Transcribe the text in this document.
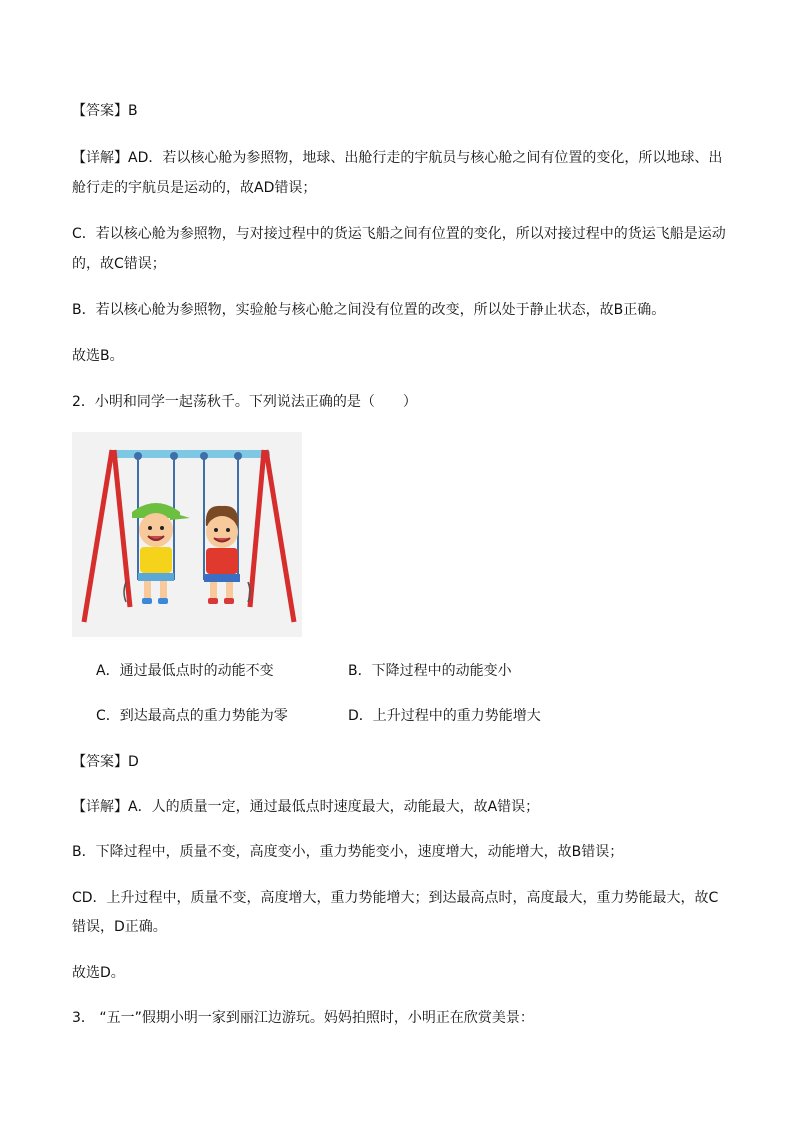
【答案】B
【详解】AD．若以核心舱为参照物，地球、出舱行走的宇航员与核心舱之间有位置的变化，所以地球、出
舱行走的宇航员是运动的，故AD错误；
C．若以核心舱为参照物，与对接过程中的货运飞船之间有位置的变化，所以对接过程中的货运飞船是运动
的，故C错误；
B．若以核心舱为参照物，实验舱与核心舱之间没有位置的改变，所以处于静止状态，故B正确。
故选B。
2．小明和同学一起荡秋千。下列说法正确的是（　　）
A．通过最低点时的动能不变	B．下降过程中的动能变小
C．到达最高点的重力势能为零	D．上升过程中的重力势能增大
【答案】D
【详解】A．人的质量一定，通过最低点时速度最大，动能最大，故A错误；
B．下降过程中，质量不变，高度变小，重力势能变小，速度增大，动能增大，故B错误；
CD．上升过程中，质量不变，高度增大，重力势能增大；到达最高点时，高度最大，重力势能最大，故C
错误，D正确。
故选D。
3． “五一”假期小明一家到丽江边游玩。妈妈拍照时，小明正在欣赏美景：
